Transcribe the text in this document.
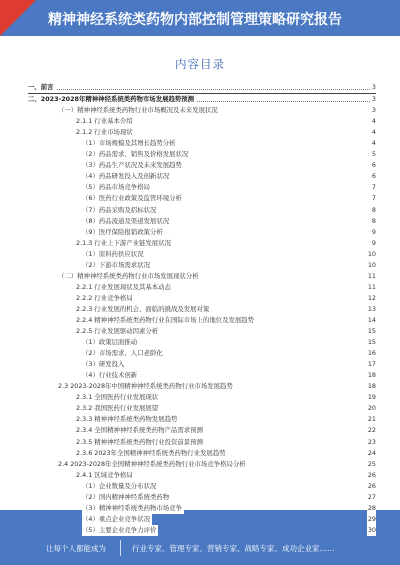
精神神经系统类药物内部控制管理策略研究报告
内容目录
一、前言	3
二、2023-2028年精神神经系统类药物市场发展趋势预测	3
（一）精神神经系统类药物行业市场概况及未来发展状况	3
2.1.1 行业基本介绍	4
2.1.2 行业市场现状	4
（1）市场规模及其增长趋势分析	4
（2）药品需求、销售及价格发展状况	5
（3）药品生产状况及未来发展趋势	6
（4）药品研发投入及创新状况	6
（5）药品市场竞争格局	7
（6）医药行业政策及监管环境分析	7
（7）药品采购及招标状况	8
（8）药品流通及渠道发展状况	8
（9）医疗保险报销政策分析	9
2.1.3 行业上下游产业链发展状况	9
（1）原料药供应状况	10
（2）下游市场需求状况	10
（二）精神神经系统类药物行业市场发展现状分析	11
2.2.1 行业发展现状及其基本动态	11
2.2.2 行业竞争格局	12
2.2.3 行业发展的机会、面临的挑战及发展对策	13
2.2.4 精神神经系统类药物行业在国际市场上的地位及发展趋势	14
2.2.5 行业发展驱动因素分析	15
（1）政策层面推动	15
（2）市场需求、人口老龄化	16
（3）研发投入	17
（4）行业技术创新	18
2.3 2023-2028年中国精神神经系统类药物行业市场发展趋势	18
2.3.1 全国医药行业发展现状	19
2.3.2 我国医药行业发展展望	20
2.3.3 精神神经系统类药物发展趋势	21
2.3.4 全国精神神经系统类药物产品需求预测	22
2.3.5 精神神经系统类药物行业投资前景预测	23
2.3.6 2023年全国精神神经系统类药物行业发展趋势	24
2.4 2023-2028年全国精神神经系统类药物行业市场竞争格局分析	25
2.4.1 区域竞争格局	26
（1）企业数量及分布状况	26
（2）国内精神神经系统类药物	27
（3）精神神经系统类药物市场竞争	28
（4）重点企业竞争状况	29
（5）主要企业竞争力评价	30
让每个人都能成为	行业专家、管理专家、营销专家、战略专家、成功企业家……
